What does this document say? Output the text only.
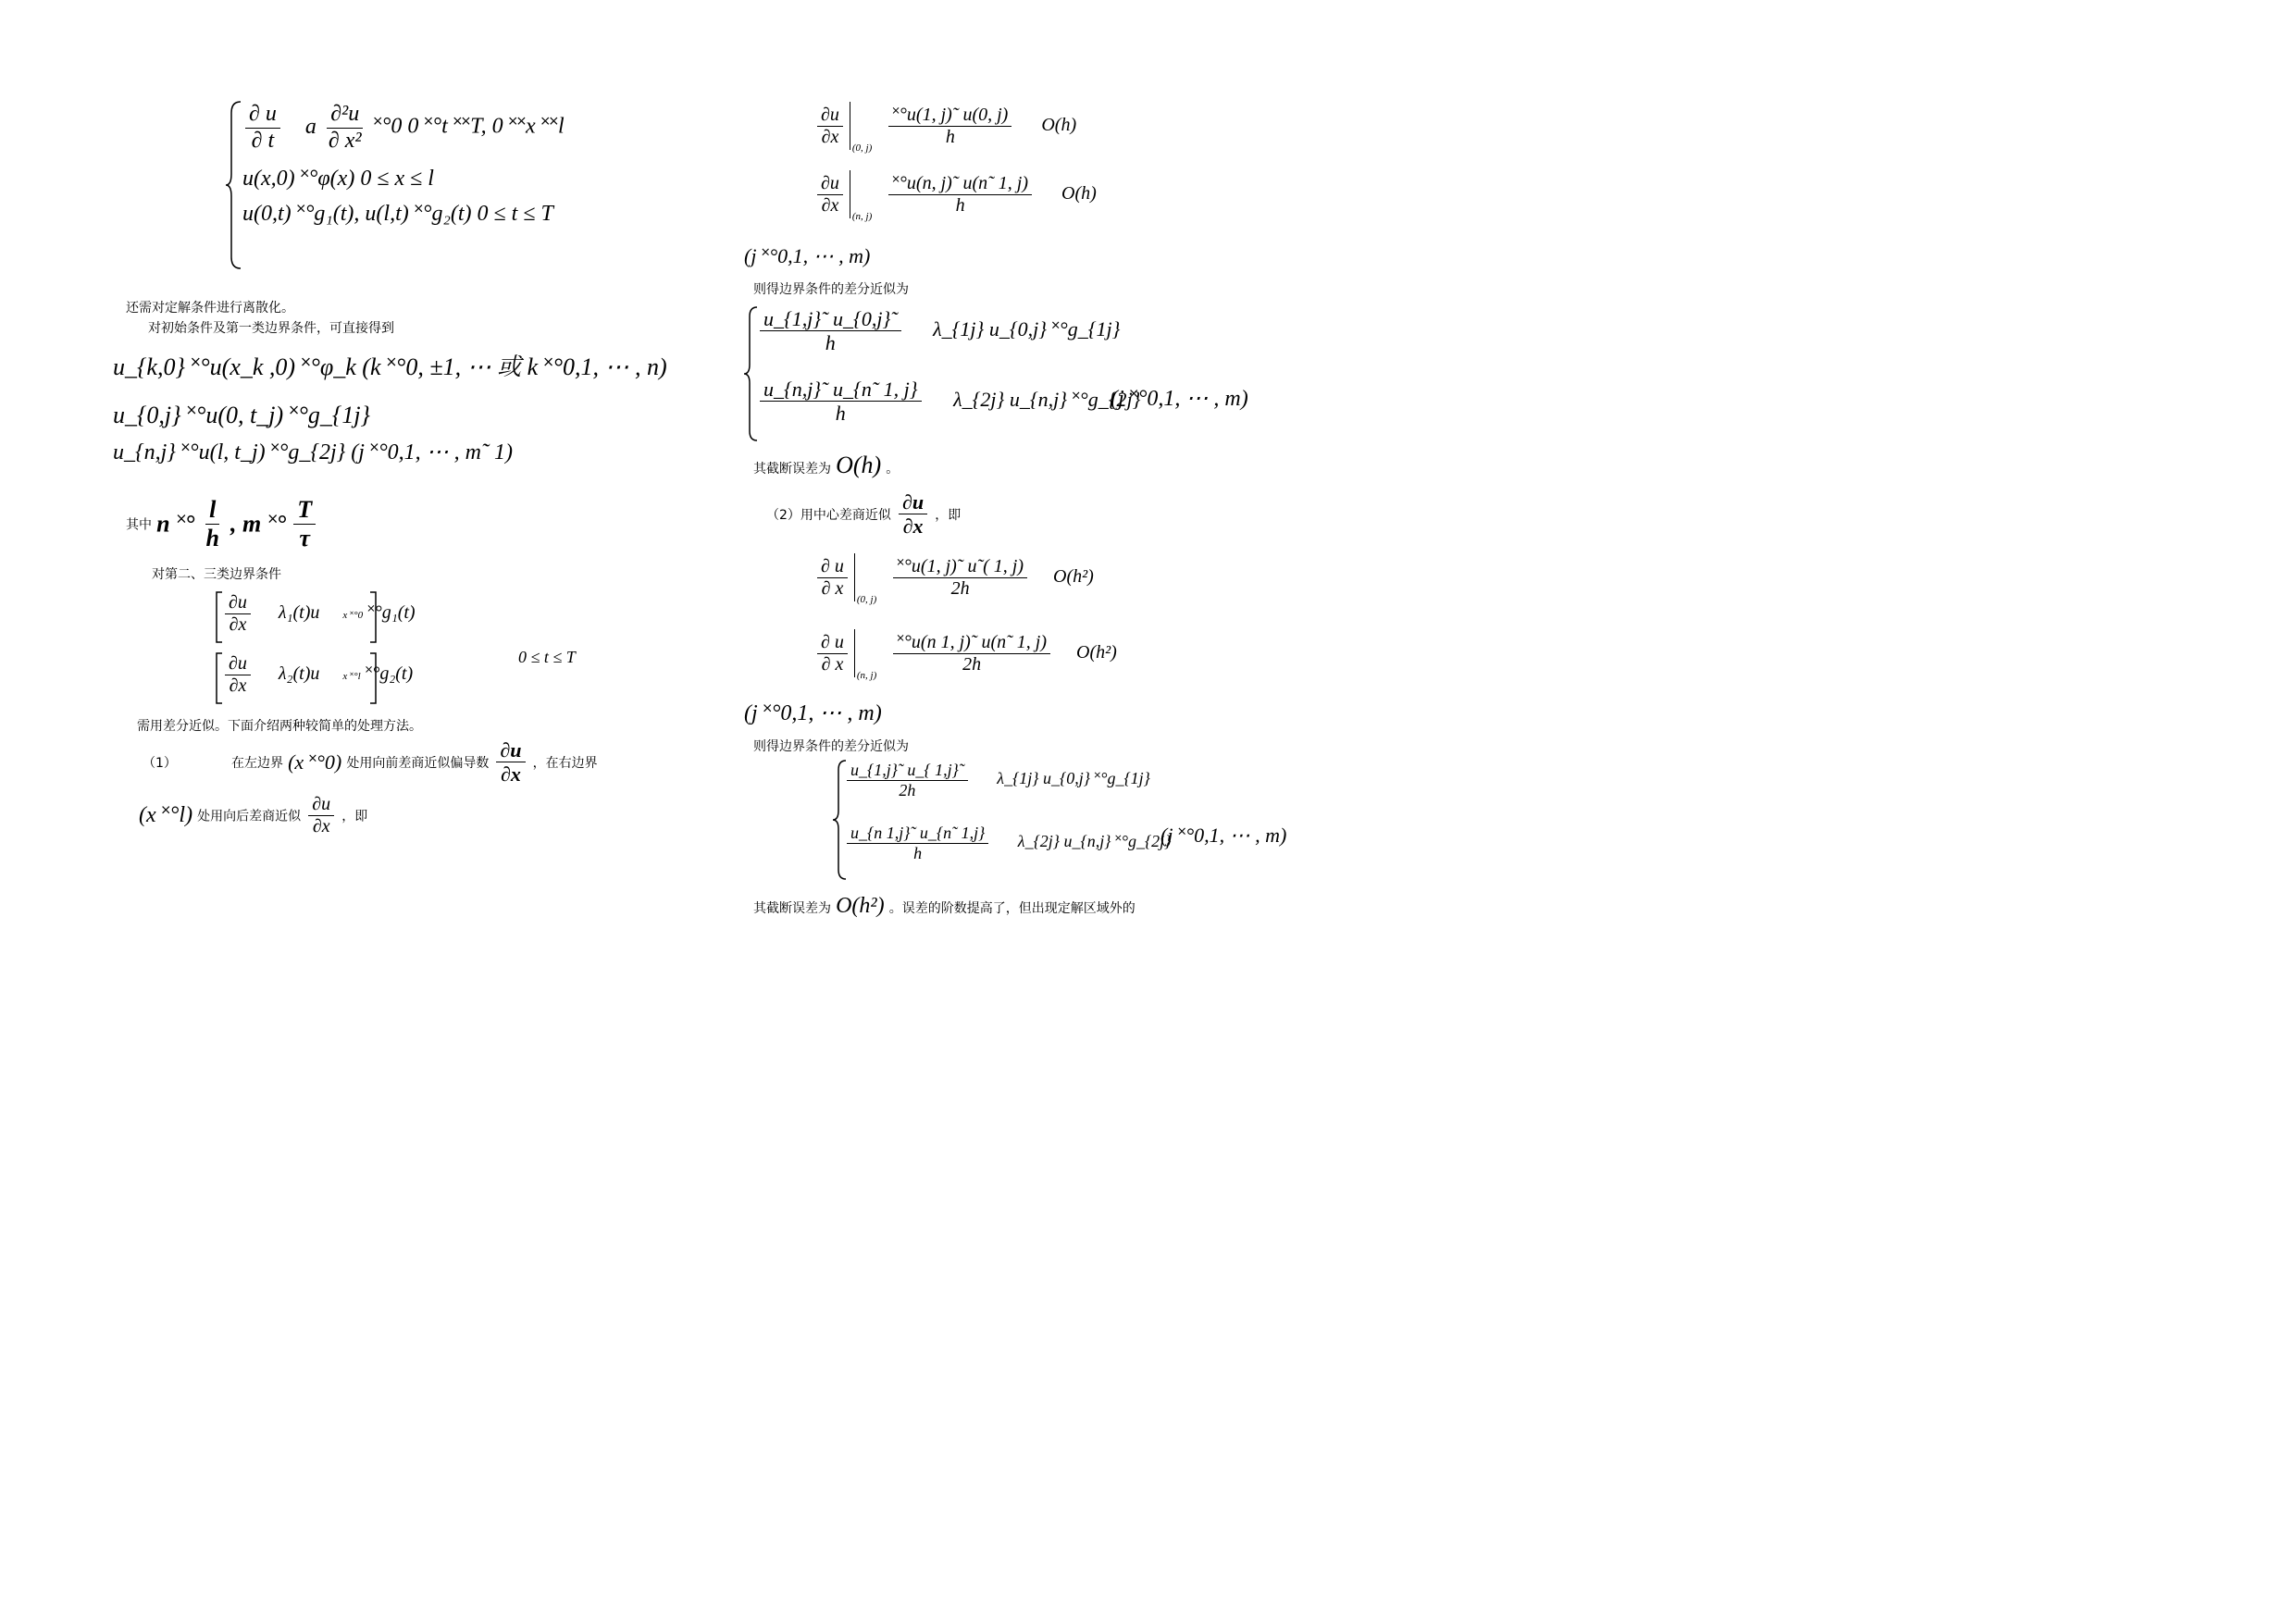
$\frac{\partial u}{\partial t}$ a $\frac{\text{∂²u}}{\text{∂ x²}}$ ˟°0 0 ˟°t ˟˟T, 0 ˟˟x ˟˟l
u(x,0) ˟°φ(x) 0 ≤ x ≤ l
u(0,t) ˟°g₁(t), u(l,t) ˟°g₂(t) 0 ≤ t ≤ T
还需对定解条件进行离散化。
对初始条件及第一类边界条件，可直接得到
u_{k,0} ˟°u(x_k ,0) ˟°φ_k (k ˟°0, ±1, ⋯ 或 k ˟°0,1, ⋯ , n)
u_{0,j} ˟°u(0, t_j) ˟°g_{1j}
u_{n,j} ˟°u(l, t_j) ˟°g_{2j} (j ˟°0,1, ⋯ , m˜ 1)
其中 n ˟° $\frac{l}{h}$ , m ˟° $\frac{T}{\tau}$
对第二、三类边界条件
$\frac{\partial u}{\partial x} \lambda_1(t)u$ x ˟°0 ˟°g₁(t)
$\frac{\partial u}{\partial x} \lambda_2(t)u$ x ˟°l ˟°g₂(t)
0 ≤ t ≤ T
需用差分近似。下面介绍两种较简单的处理方法。
（1）	在左边界 (x ˟°0) 处用向前差商近似偏导数 $\frac{\partial u}{\partial x}$ ，在右边界
(x ˟°l) 处用向后差商近似 $\frac{\partial u}{\partial x}$ ，即
$\frac{\partial u}{\partial x}$
$_{(0, j)}$
$\frac{˟^\circ u(1, j)˜ u(0, j)}{h} O(h)$
$\frac{\partial u}{\partial x}$
$_{(n, j)}$
$\frac{˟^\circ u(n, j)˜ u(n˜ 1, j)}{h} O(h)$
(j ˟°0,1, ⋯ , m)
则得边界条件的差分近似为
$\frac{u\_\{1,j\}˜ u\_\{0,j\}˜}{h}$ λ_{1j} u_{0,j} ˟°g_{1j}
$\frac{u\_\{n,j\}˜ u\_\{n˜ 1, j\}}{h}$ λ_{2j} u_{n,j} ˟°g_{2j}
(j ˟°0,1, ⋯ , m)
其截断误差为 O(h) 。
（2）用中心差商近似 $\frac{\partial u}{\partial x}$ ，即
$\frac{\partial u}{\partial x}$
$_{(0, j)}$
$\frac{˟^\circ u(1, j)˜ u˜( 1, j)}{2h} O(h^2)$
$\frac{\partial u}{\partial x}$
$_{(n, j)}$
$\frac{˟^\circ u(n 1, j)˜ u(n˜ 1, j)}{2h} O(h^2)$
(j ˟°0,1, ⋯ , m)
则得边界条件的差分近似为
$\frac{u\_\{1,j\}˜ u\_\{ 1,j\}˜}{2h}$ λ_{1j} u_{0,j} ˟°g_{1j}
$\frac{u\_\{n 1,j\}˜ u\_\{n˜ 1,j\}}{h}$ λ_{2j} u_{n,j} ˟°g_{2j}
(j ˟°0,1, ⋯ , m)
其截断误差为 O(h²) 。误差的阶数提高了，但出现定解区域外的
